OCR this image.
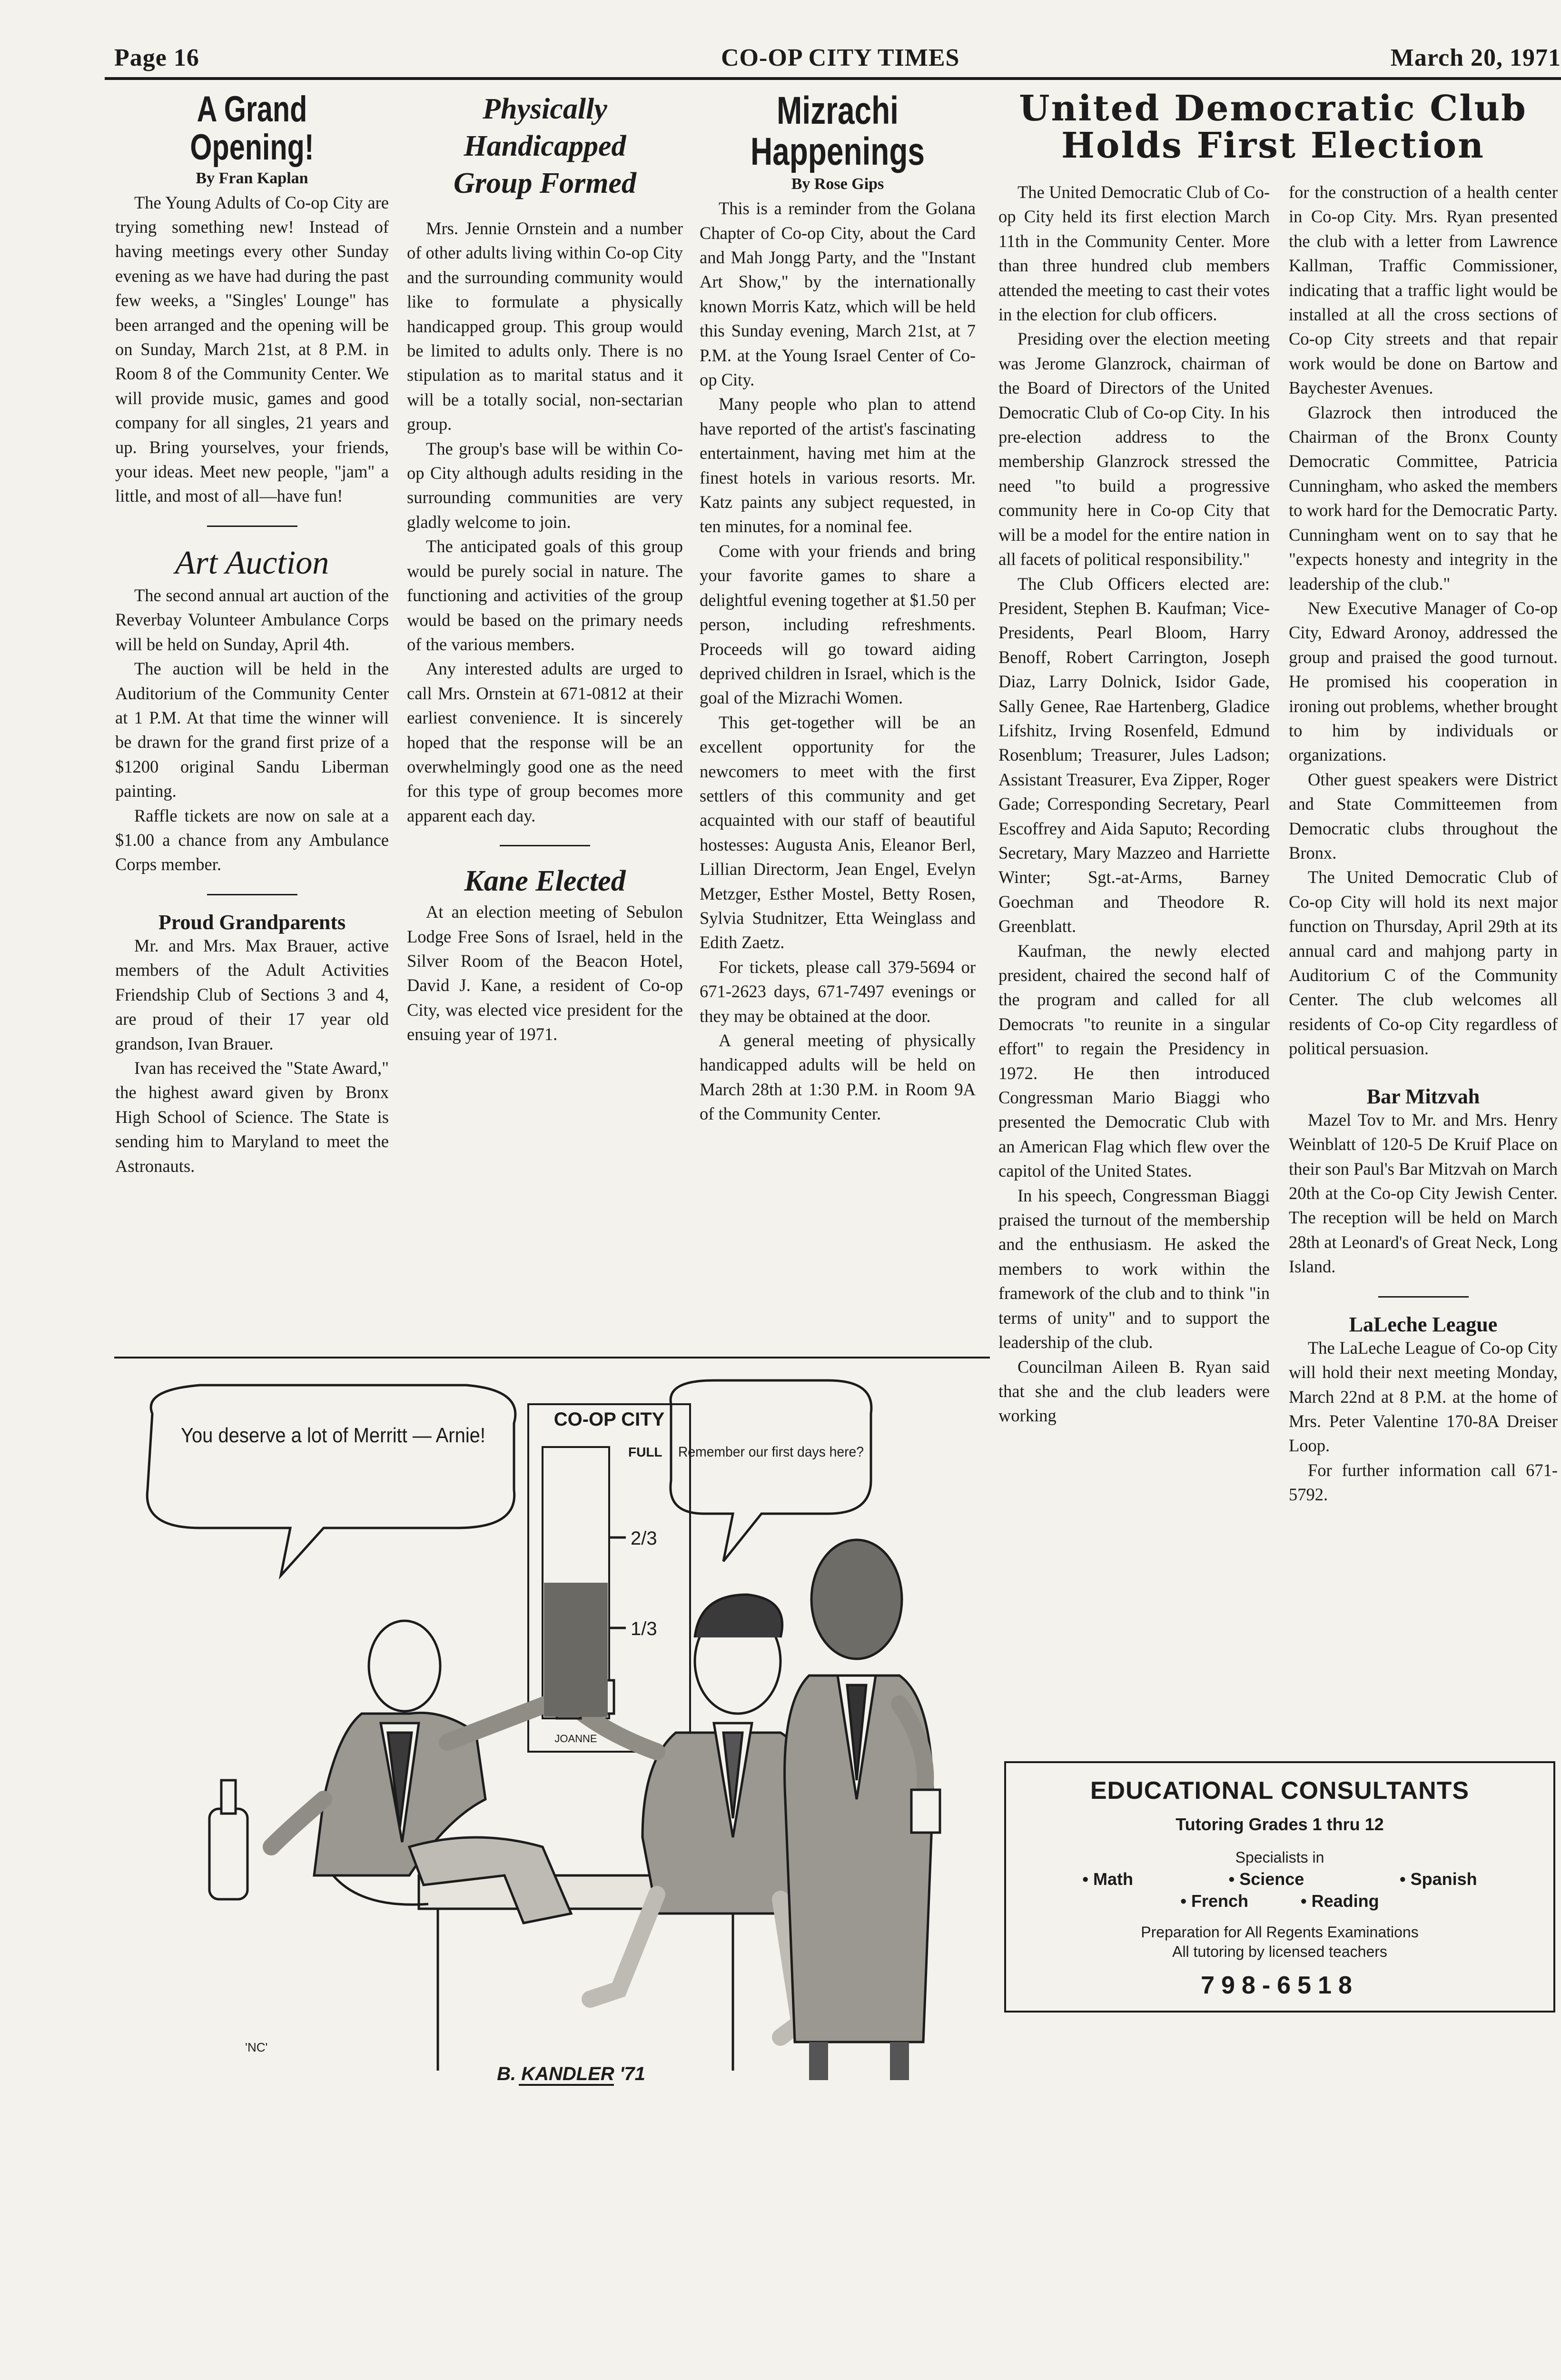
Page 16	CO-OP CITY TIMES	March 20, 1971
A Grand Opening!
By Fran Kaplan

The Young Adults of Co-op City are trying something new! Instead of having meetings every other Sunday evening as we have had during the past few weeks, a "Singles' Lounge" has been arranged and the opening will be on Sunday, March 21st, at 8 P.M. in Room 8 of the Community Center. We will provide music, games and good company for all singles, 21 years and up. Bring yourselves, your friends, your ideas. Meet new people, "jam" a little, and most of all—have fun!

Art Auction

The second annual art auction of the Reverbay Volunteer Ambulance Corps will be held on Sunday, April 4th.

The auction will be held in the Auditorium of the Community Center at 1 P.M. At that time the winner will be drawn for the grand first prize of a $1200 original Sandu Liberman painting.

Raffle tickets are now on sale at a $1.00 a chance from any Ambulance Corps member.

Proud Grandparents

Mr. and Mrs. Max Brauer, active members of the Adult Activities Friendship Club of Sections 3 and 4, are proud of their 17 year old grandson, Ivan Brauer.

Ivan has received the "State Award," the highest award given by Bronx High School of Science. The State is sending him to Maryland to meet the Astronauts.

Physically
Handicapped
Group Formed

Mrs. Jennie Ornstein and a number of other adults living within Co-op City and the surrounding community would like to formulate a physically handicapped group. This group would be limited to adults only. There is no stipulation as to marital status and it will be a totally social, non-sectarian group.

The group's base will be within Co-op City although adults residing in the surrounding communities are very gladly welcome to join.

The anticipated goals of this group would be purely social in nature. The functioning and activities of the group would be based on the primary needs of the various members.

Any interested adults are urged to call Mrs. Ornstein at 671-0812 at their earliest convenience. It is sincerely hoped that the response will be an overwhelmingly good one as the need for this type of group becomes more apparent each day.

Kane Elected

At an election meeting of Sebulon Lodge Free Sons of Israel, held in the Silver Room of the Beacon Hotel, David J. Kane, a resident of Co-op City, was elected vice president for the ensuing year of 1971.

Mizrachi Happenings
By Rose Gips

This is a reminder from the Golana Chapter of Co-op City, about the Card and Mah Jongg Party, and the "Instant Art Show," by the internationally known Morris Katz, which will be held this Sunday evening, March 21st, at 7 P.M. at the Young Israel Center of Co-op City.

Many people who plan to attend have reported of the artist's fascinating entertainment, having met him at the finest hotels in various resorts. Mr. Katz paints any subject requested, in ten minutes, for a nominal fee.

Come with your friends and bring your favorite games to share a delightful evening together at $1.50 per person, including refreshments. Proceeds will go toward aiding deprived children in Israel, which is the goal of the Mizrachi Women.

This get-together will be an excellent opportunity for the newcomers to meet with the first settlers of this community and get acquainted with our staff of beautiful hostesses: Augusta Anis, Eleanor Berl, Lillian Directorm, Jean Engel, Evelyn Metzger, Esther Mostel, Betty Rosen, Sylvia Studnitzer, Etta Weinglass and Edith Zaetz.

For tickets, please call 379-5694 or 671-2623 days, 671-7497 evenings or they may be obtained at the door.

A general meeting of physically handicapped adults will be held on March 28th at 1:30 P.M. in Room 9A of the Community Center.

United Democratic Club
Holds First Election

The United Democratic Club of Co-op City held its first election March 11th in the Community Center. More than three hundred club members attended the meeting to cast their votes in the election for club officers.

Presiding over the election meeting was Jerome Glanzrock, chairman of the Board of Directors of the United Democratic Club of Co-op City. In his pre-election address to the membership Glanzrock stressed the need "to build a progressive community here in Co-op City that will be a model for the entire nation in all facets of political responsibility."

The Club Officers elected are: President, Stephen B. Kaufman; Vice-Presidents, Pearl Bloom, Harry Benoff, Robert Carrington, Joseph Diaz, Larry Dolnick, Isidor Gade, Sally Genee, Rae Hartenberg, Gladice Lifshitz, Irving Rosenfeld, Edmund Rosenblum; Treasurer, Jules Ladson; Assistant Treasurer, Eva Zipper, Roger Gade; Corresponding Secretary, Pearl Escoffrey and Aida Saputo; Recording Secretary, Mary Mazzeo and Harriette Winter; Sgt.-at-Arms, Barney Goechman and Theodore R. Greenblatt.

Kaufman, the newly elected president, chaired the second half of the program and called for all Democrats "to reunite in a singular effort" to regain the Presidency in 1972. He then introduced Congressman Mario Biaggi who presented the Democratic Club with an American Flag which flew over the capitol of the United States.

In his speech, Congressman Biaggi praised the turnout of the membership and the enthusiasm. He asked the members to work within the framework of the club and to think "in terms of unity" and to support the leadership of the club.

Councilman Aileen B. Ryan said that she and the club leaders were working

for the construction of a health center in Co-op City. Mrs. Ryan presented the club with a letter from Lawrence Kallman, Traffic Commissioner, indicating that a traffic light would be installed at all the cross sections of Co-op City streets and that repair work would be done on Bartow and Baychester Avenues.

Glazrock then introduced the Chairman of the Bronx County Democratic Committee, Patricia Cunningham, who asked the members to work hard for the Democratic Party. Cunningham went on to say that he "expects honesty and integrity in the leadership of the club."

New Executive Manager of Co-op City, Edward Aronoy, addressed the group and praised the good turnout. He promised his cooperation in ironing out problems, whether brought to him by individuals or organizations.

Other guest speakers were District and State Committeemen from Democratic clubs throughout the Bronx.

The United Democratic Club of Co-op City will hold its next major function on Thursday, April 29th at its annual card and mahjong party in Auditorium C of the Community Center. The club welcomes all residents of Co-op City regardless of political persuasion.

Bar Mitzvah

Mazel Tov to Mr. and Mrs. Henry Weinblatt of 120-5 De Kruif Place on their son Paul's Bar Mitzvah on March 20th at the Co-op City Jewish Center. The reception will be held on March 28th at Leonard's of Great Neck, Long Island.

LaLeche League

The LaLeche League of Co-op City will hold their next meeting Monday, March 22nd at 8 P.M. at the home of Mrs. Peter Valentine 170-8A Dreiser Loop.

For further information call 671-5792.

You deserve a lot of Merritt — Arnie!
Remember our first days here?
CO-OP CITY
FULL
2/3
1/3
JOANNE
'NC'
B. KANDLER '71

EDUCATIONAL CONSULTANTS

Tutoring Grades 1 thru 12

Specialists in

• Math	• Science	• Spanish
• French	• Reading

Preparation for All Regents Examinations

All tutoring by licensed teachers

798-6518
